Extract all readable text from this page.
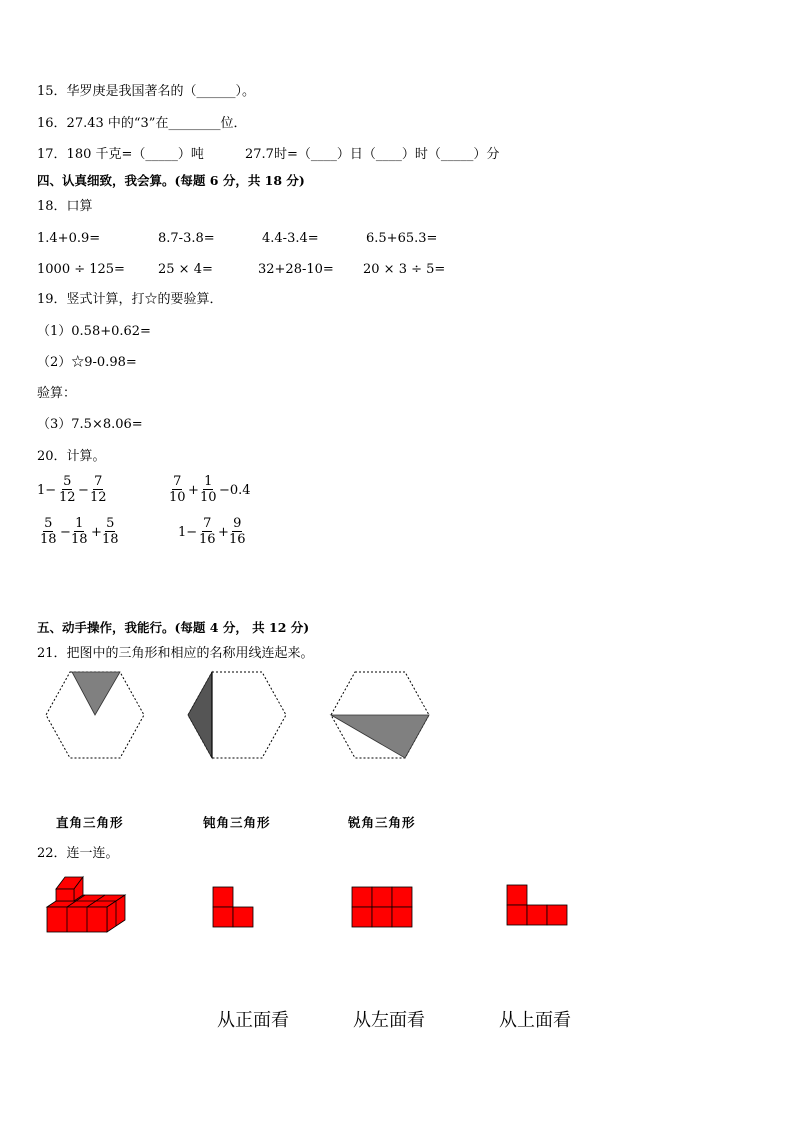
15．华罗庚是我国著名的（______）。
16．27.43 中的“3”在________位．
17．180 千克=（_____）吨	27.7时=（____）日（____）时（_____）分
四、认真细致，我会算。(每题 6 分，共 18 分)
18．口算
1.4+0.9=	8.7-3.8=	4.4-3.4=	6.5+65.3=
1000 ÷ 125=	25 × 4=	32+28-10= 20 × 3 ÷ 5=
19．竖式计算，打☆的要验算．
（1）0.58+0.62=
（2）☆9-0.98=
验算：
（3）7.5×8.06=
20．计算。
$1- \frac{5}{12} - \frac{7}{12}$	$\frac{7}{10} + \frac{1}{10} -0.4$
$\frac{5}{18} - \frac{1}{18} + \frac{5}{18}$	$1- \frac{7}{16} + \frac{9}{16}$
五、动手操作，我能行。(每题 4 分， 共 12 分)
21．把图中的三角形和相应的名称用线连起来。
直角三角形	钝角三角形	锐角三角形
22．连一连。
从正面看	从左面看	从上面看
